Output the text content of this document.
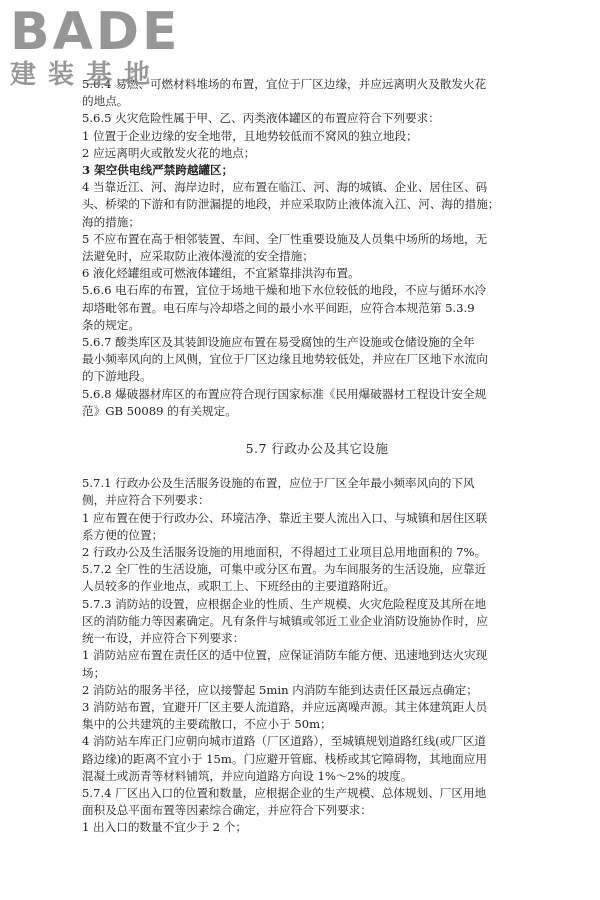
BADE
建装基地
5.6.4 易燃、可燃材料堆场的布置，宜位于厂区边缘，并应远离明火及散发火花
的地点。
5.6.5 火灾危险性属于甲、乙、丙类液体罐区的布置应符合下列要求：
1 位置于企业边缘的安全地带，且地势较低而不窝风的独立地段；
2 应远离明火或散发火花的地点；
3 架空供电线严禁跨越罐区；
4 当靠近江、河、海岸边时，应布置在临江、河、海的城镇、企业、居住区、码
头、桥梁的下游和有防泄漏提的地段，并应采取防止液体流入江、河、海的措施；
海的措施；
5 不应布置在高于相邻装置、车间、全厂性重要设施及人员集中场所的场地，无
法避免时，应采取防止液体漫流的安全措施；
6 液化烃罐组或可燃液体罐组，不宜紧靠排洪沟布置。
5.6.6 电石库的布置，宜位于场地干燥和地下水位较低的地段，不应与循环水冷
却塔毗邻布置。电石库与冷却塔之间的最小水平间距，应符合本规范第 5.3.9
条的规定。
5.6.7 酸类库区及其装卸设施应布置在易受腐蚀的生产设施或仓储设施的全年
最小频率风向的上风侧，宜位于厂区边缘且地势较低处，并应在厂区地下水流向
的下游地段。
5.6.8 爆破器材库区的布置应符合现行国家标准《民用爆破器材工程设计安全规
范》GB 50089 的有关规定。
5.7 行政办公及其它设施
5.7.1 行政办公及生活服务设施的布置，应位于厂区全年最小频率风向的下风
侧，并应符合下列要求：
1 应布置在便于行政办公、环境洁净、靠近主要人流出入口、与城镇和居住区联
系方便的位置；
2 行政办公及生活服务设施的用地面积，不得超过工业项目总用地面积的 7%。
5.7.2 全厂性的生活设施，可集中或分区布置。为车间服务的生活设施，应靠近
人员较多的作业地点，或职工上、下班经由的主要道路附近。
5.7.3 消防站的设置，应根据企业的性质、生产规模、火灾危险程度及其所在地
区的消防能力等因素确定。凡有条件与城镇或邻近工业企业消防设施协作时，应
统一布设，并应符合下列要求：
1 消防站应布置在责任区的适中位置，应保证消防车能方便、迅速地到达火灾现
场；
2 消防站的服务半径，应以接警起 5min 内消防车能到达责任区最远点确定；
3 消防站布置，宜避开厂区主要人流道路，并应远离噪声源。其主体建筑距人员
集中的公共建筑的主要疏散口，不应小于 50m；
4 消防站车库正门应朝向城市道路（厂区道路），至城镇规划道路红线(或厂区道
路边缘)的距离不宜小于 15m。门应避开管廊、栈桥或其它障碍物，其地面应用
混凝土或沥青等材料铺筑，并应向道路方向设 1%～2%的坡度。
5.7.4 厂区出入口的位置和数量，应根据企业的生产规模、总体规划、厂区用地
面积及总平面布置等因素综合确定，并应符合下列要求：
1 出入口的数量不宜少于 2 个；
